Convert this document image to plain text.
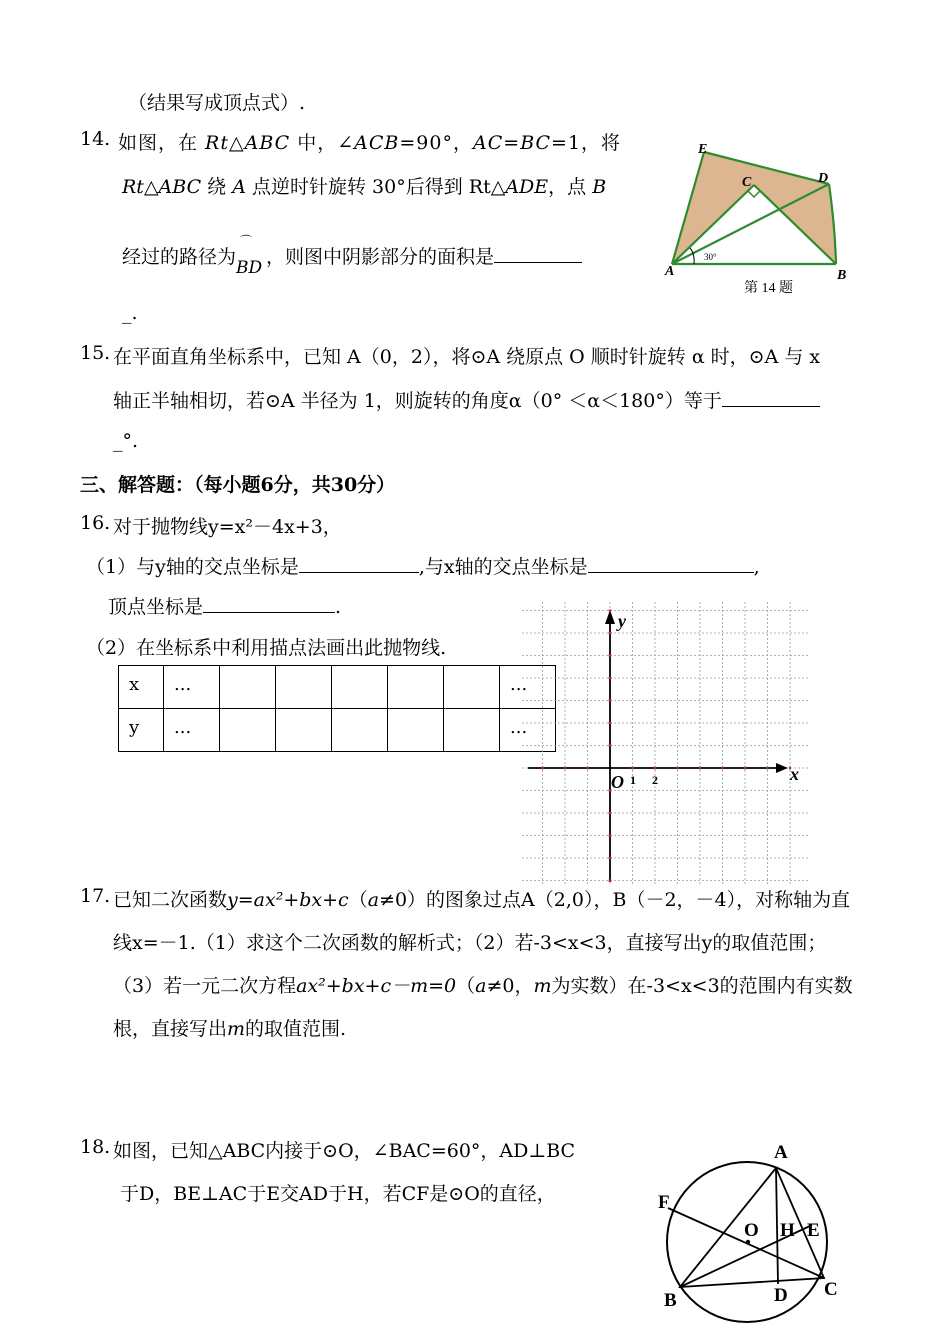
（结果写成顶点式）.
14. 如图，在 Rt△ABC 中，∠ACB=90°，AC=BC=1，将
Rt△ABC 绕 A 点逆时针旋转 30°后得到 Rt△ADE，点 B
经过的路径为
⌒
BD ，则图中阴影部分的面积是
_.
E
C	D
A	B
30°
第 14 题
15. 在平面直角坐标系中，已知 A（0，2），将⊙A 绕原点 O 顺时针旋转 α 时，⊙A 与 x
轴正半轴相切，若⊙A 半径为 1，则旋转的角度α（0° ＜α＜180°）等于
_°.
三、解答题：（每小题6分，共30分）
16. 对于抛物线y=x²－4x+3，
（1）与y轴的交点坐标是	,与x轴的交点坐标是	,
顶点坐标是	.
（2）在坐标系中利用描点法画出此抛物线.
x	...						...
y	...						...
y
x
O 1 2
17. 已知二次函数y=ax²+bx+c（a≠0）的图象过点A（2,0），B（－2，－4），对称轴为直
线x=－1.（1）求这个二次函数的解析式；（2）若-3<x<3，直接写出y的取值范围；
（3）若一元二次方程ax²+bx+c－m=0（a≠0，m为实数）在-3<x<3的范围内有实数
根，直接写出m的取值范围.
18. 如图，已知△ABC内接于⊙O，∠BAC=60°，AD⊥BC
于D，BE⊥AC于E交AD于H，若CF是⊙O的直径，
A
F
O H E
B	D C
